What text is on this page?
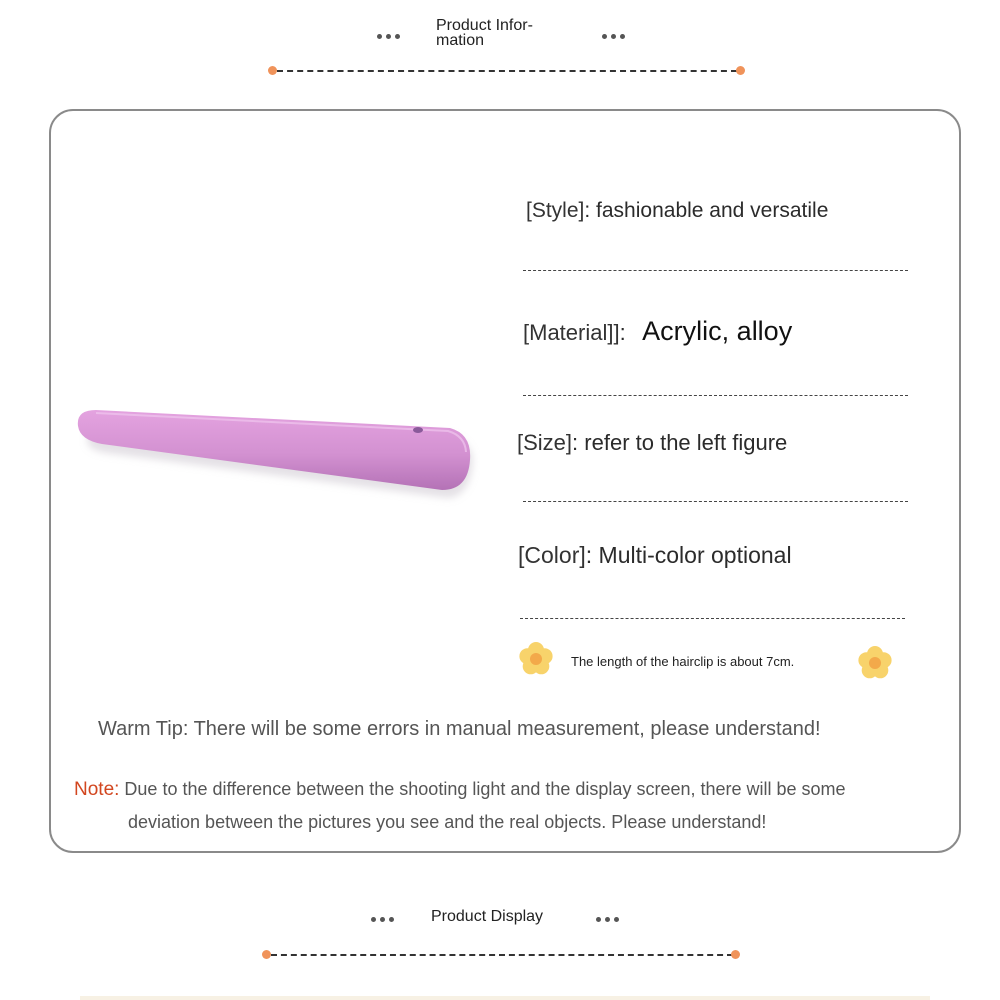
Product Infor-
mation
[Style]: fashionable and versatile
[Material]]: Acrylic, alloy
[Size]: refer to the left figure
[Color]: Multi-color optional
The length of the hairclip is about 7cm.
Warm Tip: There will be some errors in manual measurement, please understand!
Note: Due to the difference between the shooting light and the display screen, there will be some
deviation between the pictures you see and the real objects. Please understand!
Product Display
